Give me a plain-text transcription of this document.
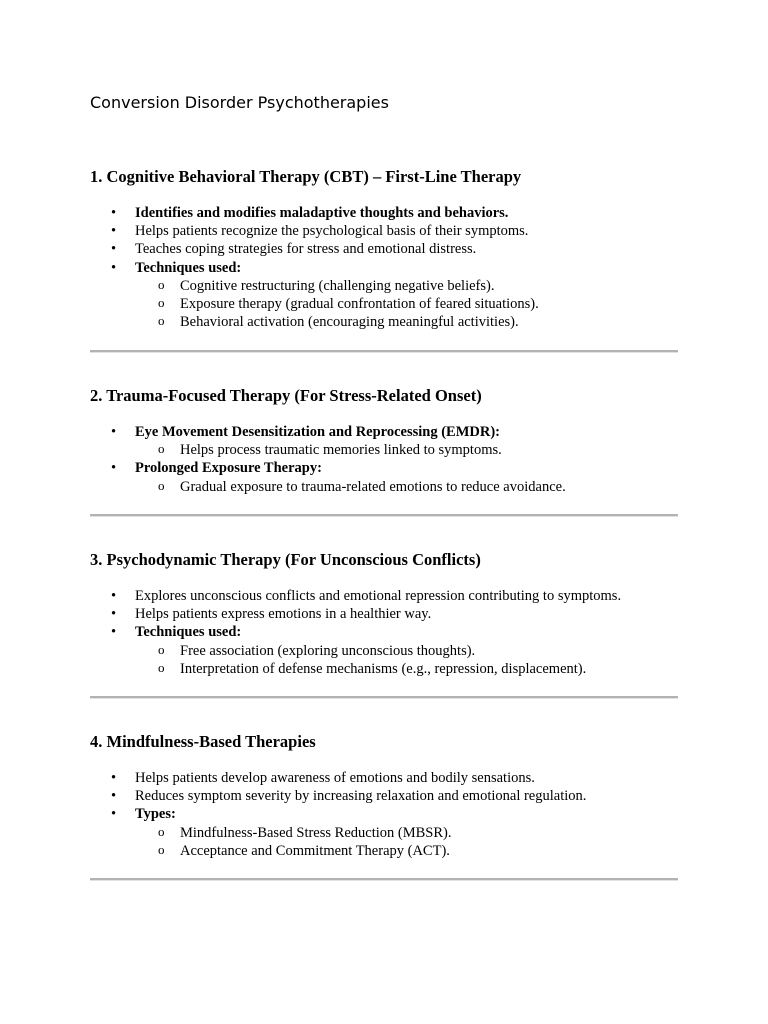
Conversion Disorder Psychotherapies
1. Cognitive Behavioral Therapy (CBT) – First-Line Therapy
• Identifies and modifies maladaptive thoughts and behaviors.
• Helps patients recognize the psychological basis of their symptoms.
• Teaches coping strategies for stress and emotional distress.
• Techniques used:
o Cognitive restructuring (challenging negative beliefs).
o Exposure therapy (gradual confrontation of feared situations).
o Behavioral activation (encouraging meaningful activities).
2. Trauma-Focused Therapy (For Stress-Related Onset)
• Eye Movement Desensitization and Reprocessing (EMDR):
o Helps process traumatic memories linked to symptoms.
• Prolonged Exposure Therapy:
o Gradual exposure to trauma-related emotions to reduce avoidance.
3. Psychodynamic Therapy (For Unconscious Conflicts)
• Explores unconscious conflicts and emotional repression contributing to symptoms.
• Helps patients express emotions in a healthier way.
• Techniques used:
o Free association (exploring unconscious thoughts).
o Interpretation of defense mechanisms (e.g., repression, displacement).
4. Mindfulness-Based Therapies
• Helps patients develop awareness of emotions and bodily sensations.
• Reduces symptom severity by increasing relaxation and emotional regulation.
• Types:
o Mindfulness-Based Stress Reduction (MBSR).
o Acceptance and Commitment Therapy (ACT).
